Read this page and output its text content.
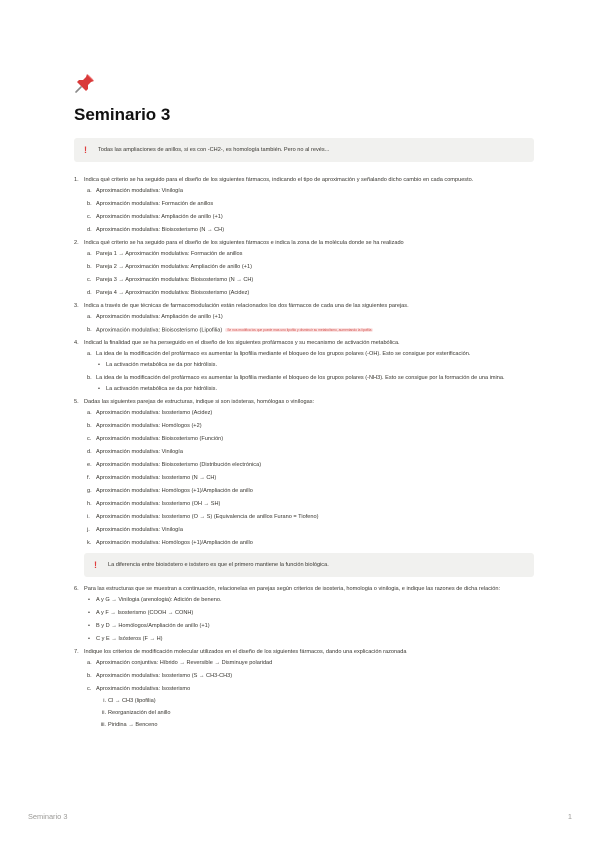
Seminario 3
!	Todas las ampliaciones de anillos, si es con -CH2-, es homología también. Pero no al revés...
1. Indica qué criterio se ha seguido para el diseño de los siguientes fármacos, indicando el tipo de aproximación y señalando dicho cambio en cada compuesto.
a. Aproximación modulativa: Vinilogía
b. Aproximación modulativa: Formación de anillos
c. Aproximación modulativa: Ampliación de anillo (+1)
d. Aproximación modulativa: Bioisosterismo (N → CH)
2. Indica qué criterio se ha seguido para el diseño de los siguientes fármacos e indica la zona de la molécula donde se ha realizado
a. Pareja 1 → Aproximación modulativa: Formación de anillos
b. Pareja 2 → Aproximación modulativa: Ampliación de anillo (+1)
c. Pareja 3 → Aproximación modulativa: Bioisosterismo (N → CH)
d. Pareja 4 → Aproximación modulativa: Bioisosterismo (Acidez)
3. Indica a través de que técnicas de farmacomodulación están relacionados los dos fármacos de cada una de las siguientes parejas.
a. Aproximación modulativa: Ampliación de anillo (+1)
b. Aproximación modulativa: Bioisosterismo (Lipofilia) Se nos modifica los que puede mas uno lipofilo y disminuir su metabolismo, aumentando la lipofilia
4. Indicad la finalidad que se ha perseguido en el diseño de los siguientes profármacos y su mecanismo de activación metabólica.
a. La idea de la modificación del profármaco es aumentar la lipofilia mediante el bloqueo de los grupos polares (-OH). Esto se consigue por esterificación.
• La activación metabólica se da por hidrólisis.
b. La idea de la modificación del profármaco es aumentar la lipofilia mediante el bloqueo de los grupos polares (-NH3). Esto se consigue por la formación de una imina.
• La activación metabólica se da por hidrólisis.
5. Dadas las siguientes parejas de estructuras, indique si son isósteras, homólogas o vinílogas:
a. Aproximación modulativa: Isosterismo (Acidez)
b. Aproximación modulativa: Homólogos (+2)
c. Aproximación modulativa: Bioisosterismo (Función)
d. Aproximación modulativa: Vinilogía
e. Aproximación modulativa: Bioisosterismo (Distribución electrónica)
f. Aproximación modulativa: Isosterismo (N → CH)
g. Aproximación modulativa: Homólogos (+1)/Ampliación de anillo
h. Aproximación modulativa: Isosterismo (OH → SH)
i. Aproximación modulativa: Isosterismo (O → S) (Equivalencia de anillos Furano = Tiofeno)
j. Aproximación modulativa: Vinilogía
k. Aproximación modulativa: Homólogos (+1)/Ampliación de anillo
!	La diferencia entre bioisóstero e isóstero es que el primero mantiene la función biológica.
6. Para las estructuras que se muestran a continuación, relacionelas en parejas según criterios de isosteria, homologia o vinilogia, e indique las razones de dicha relación:
• A y G → Vinilogia (arenologia): Adición de beneno.
• A y F → Isosterismo (COOH → CONH)
• B y D → Homólogos/Ampliación de anillo (+1)
• C y E → Isósteros (F → H)
7. Indique los criterios de modificación molecular utilizados en el diseño de los siguientes fármacos, dando una explicación razonada
a. Aproximación conjuntiva: Híbrido → Reversible → Disminuye polaridad
b. Aproximación modulativa: Isosterismo (S → CH3-CH3)
c. Aproximación modulativa: Isosterismo
i. Cl → CH3 (lipofilia)
ii. Reorganización del anillo
iii. Piridina → Benceno
Seminario 3	1
